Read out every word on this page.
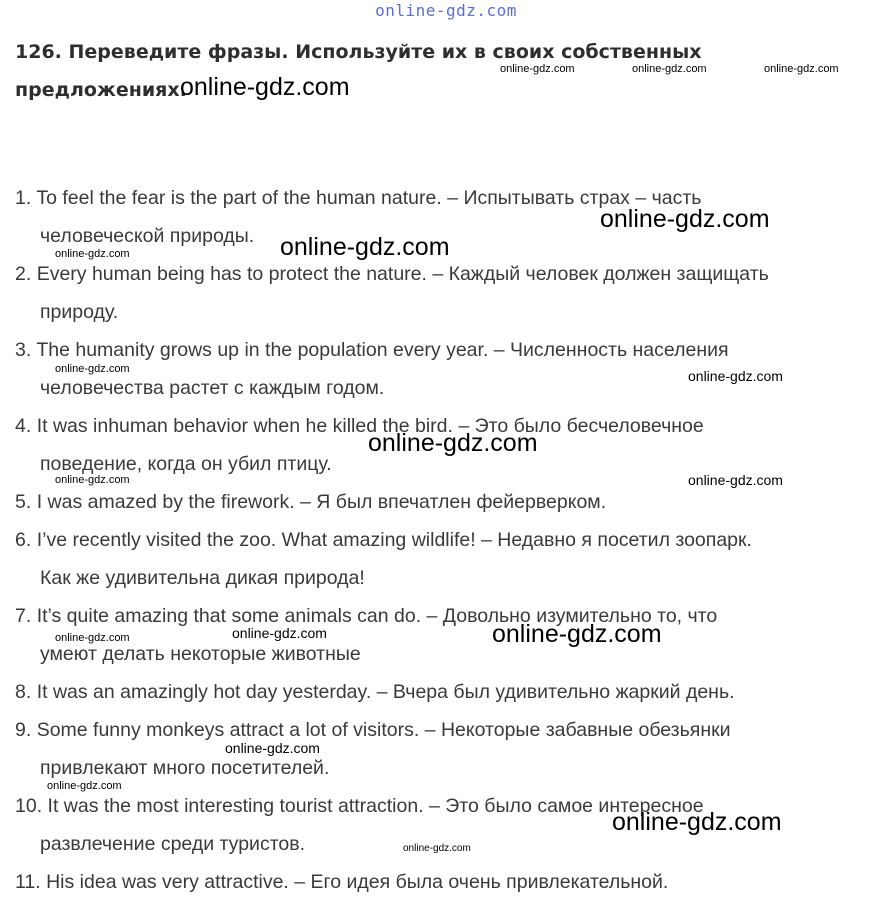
online-gdz.com
126. Переведите фразы. Используйте их в своих собственных
предложениях.
1. To feel the fear is the part of the human nature. – Испытывать страх – часть
человеческой природы.
2. Every human being has to protect the nature. – Каждый человек должен защищать
природу.
3. The humanity grows up in the population every year. – Численность населения
человечества растет с каждым годом.
4. It was inhuman behavior when he killed the bird. – Это было бесчеловечное
поведение, когда он убил птицу.
5. I was amazed by the firework. – Я был впечатлен фейерверком.
6. I’ve recently visited the zoo. What amazing wildlife! – Недавно я посетил зоопарк.
Как же удивительна дикая природа!
7. It’s quite amazing that some animals can do. – Довольно изумительно то, что
умеют делать некоторые животные
8. It was an amazingly hot day yesterday. – Вчера был удивительно жаркий день.
9. Some funny monkeys attract a lot of visitors. – Некоторые забавные обезьянки
привлекают много посетителей.
10. It was the most interesting tourist attraction. – Это было самое интересное
развлечение среди туристов.
11. His idea was very attractive. – Его идея была очень привлекательной.
online-gdz.com	online-gdz.com	online-gdz.com
online-gdz.com
online-gdz.com
online-gdz.com
online-gdz.com
online-gdz.com	online-gdz.com
online-gdz.com
online-gdz.com
online-gdz.com
online-gdz.com	online-gdz.com
online-gdz.com
online-gdz.com
online-gdz.com
online-gdz.com
online-gdz.com
